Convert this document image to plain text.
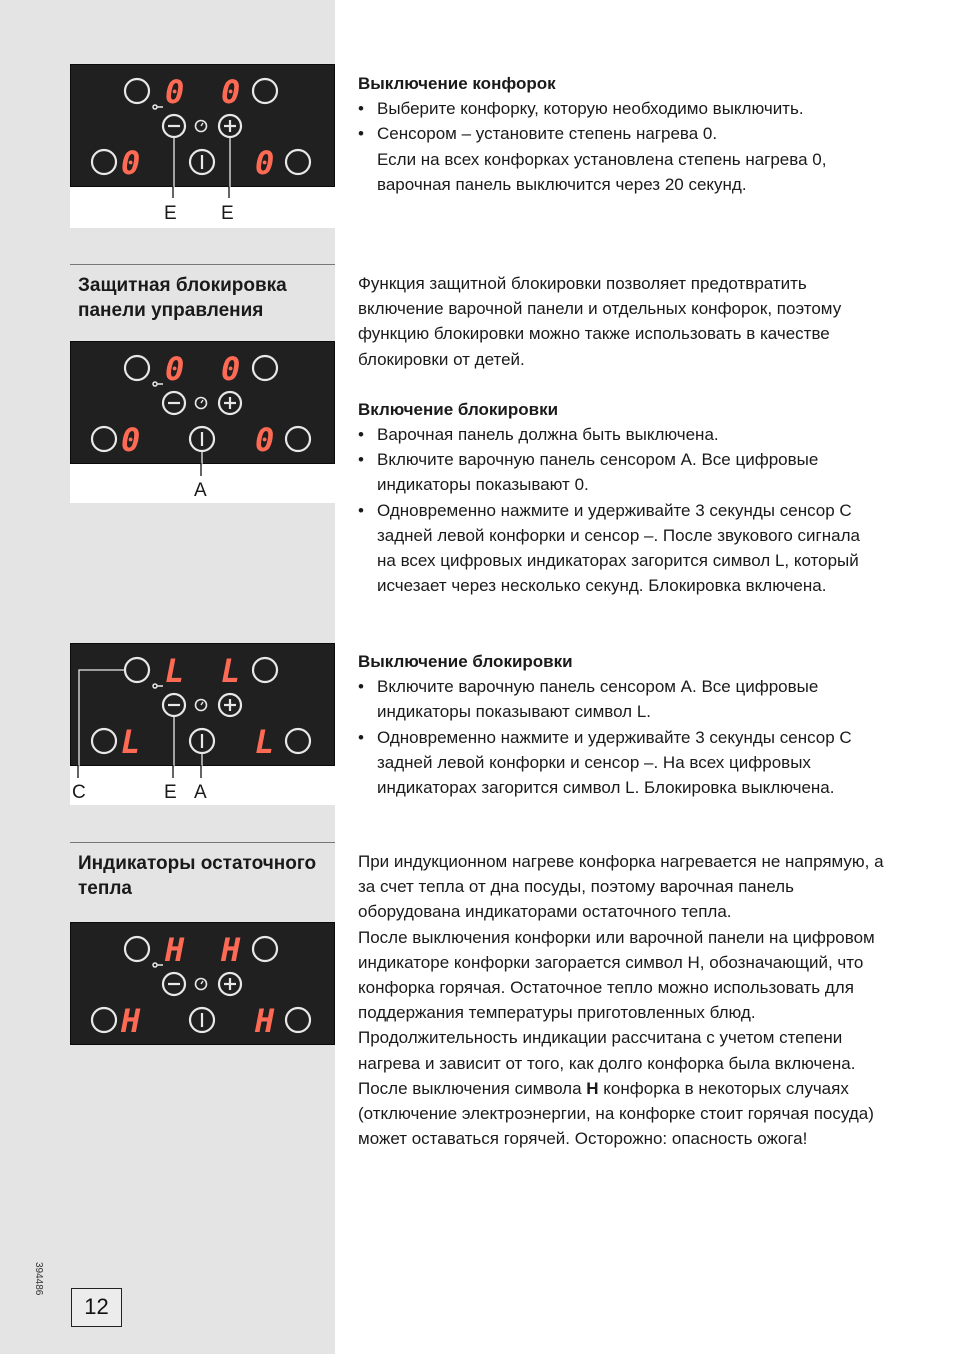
0 0
0	0
E E
Выключение конфорок
• Выберите конфорку, которую необходимо выключить.
• Сенсором – установите степень нагрева 0.
Если на всех конфорках установлена степень нагрева 0, варочная панель выключится через 20 секунд.
Защитная блокировка панели управления
0 0
0	0
A

Функция защитной блокировки позволяет предотвратить включение варочной панели и отдельных конфорок, поэтому функцию блокировки можно также использовать в качестве блокировки от детей.

Включение блокировки
• Варочная панель должна быть выключена.
• Включите варочную панель сенсором A. Все цифровые индикаторы показывают 0.
• Одновременно нажмите и удерживайте 3 секунды сенсор C задней левой конфорки и сенсор –. После звукового сигнала на всех цифровых индикаторах загорится символ L, который исчезает через несколько секунд. Блокировка включена.
L L
L	L
C	E A
Выключение блокировки
• Включите варочную панель сенсором A. Все цифровые индикаторы показывают символ L.
• Одновременно нажмите и удерживайте 3 секунды сенсор C задней левой конфорки и сенсор –. На всех цифровых индикаторах загорится символ L. Блокировка выключена.
Индикаторы остаточного тепла
H H
H	H

При индукционном нагреве конфорка нагревается не напрямую, а за счет тепла от дна посуды, поэтому варочная панель оборудована индикаторами остаточного тепла.

После выключения конфорки или варочной панели на цифровом индикаторе конфорки загорается символ H, обозначающий, что конфорка горячая. Остаточное тепло можно использовать для поддержания температуры приготовленных блюд.

Продолжительность индикации рассчитана с учетом степени нагрева и зависит от того, как долго конфорка была включена.

После выключения символа H конфорка в некоторых случаях (отключение электроэнергии, на конфорке стоит горячая посуда) может оставаться горячей. Осторожно: опасность ожога!

394486
12
